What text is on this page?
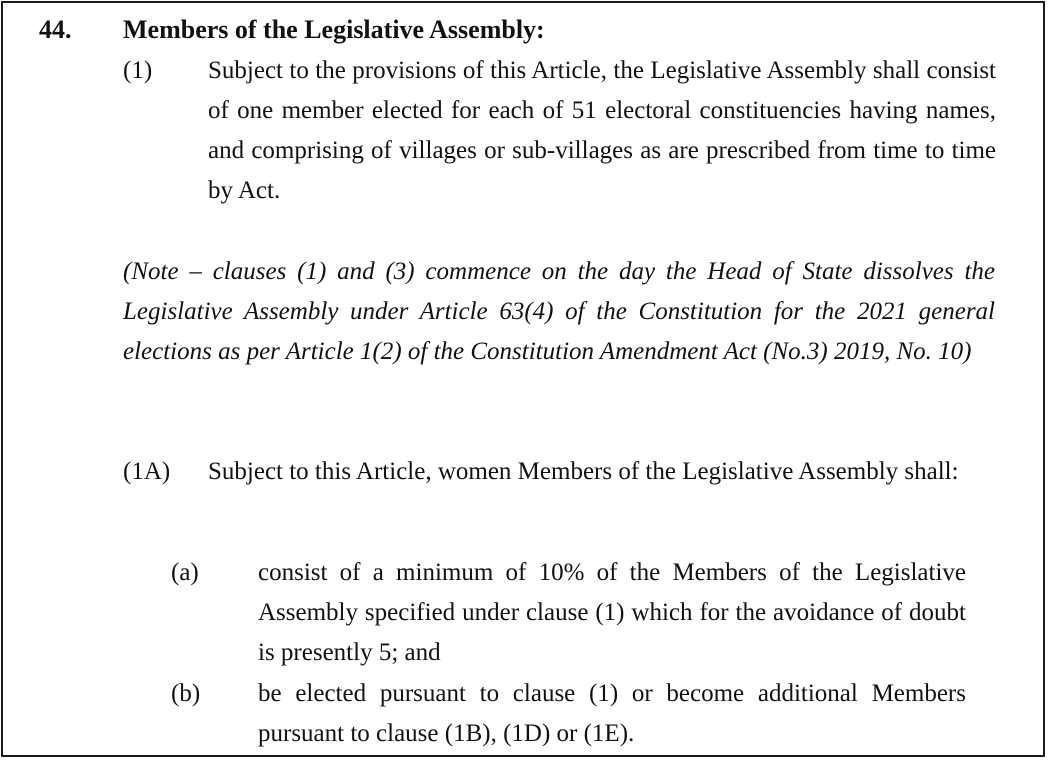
44. Members of the Legislative Assembly:
(1) Subject to the provisions of this Article, the Legislative Assembly shall consist of one member elected for each of 51 electoral constituencies having names, and comprising of villages or sub-villages as are prescribed from time to time by Act.
(Note – clauses (1) and (3) commence on the day the Head of State dissolves the Legislative Assembly under Article 63(4) of the Constitution for the 2021 general elections as per Article 1(2) of the Constitution Amendment Act (No.3) 2019, No. 10)
(1A) Subject to this Article, women Members of the Legislative Assembly shall:
(a) consist of a minimum of 10% of the Members of the Legislative Assembly specified under clause (1) which for the avoidance of doubt is presently 5; and
(b) be elected pursuant to clause (1) or become additional Members pursuant to clause (1B), (1D) or (1E).
